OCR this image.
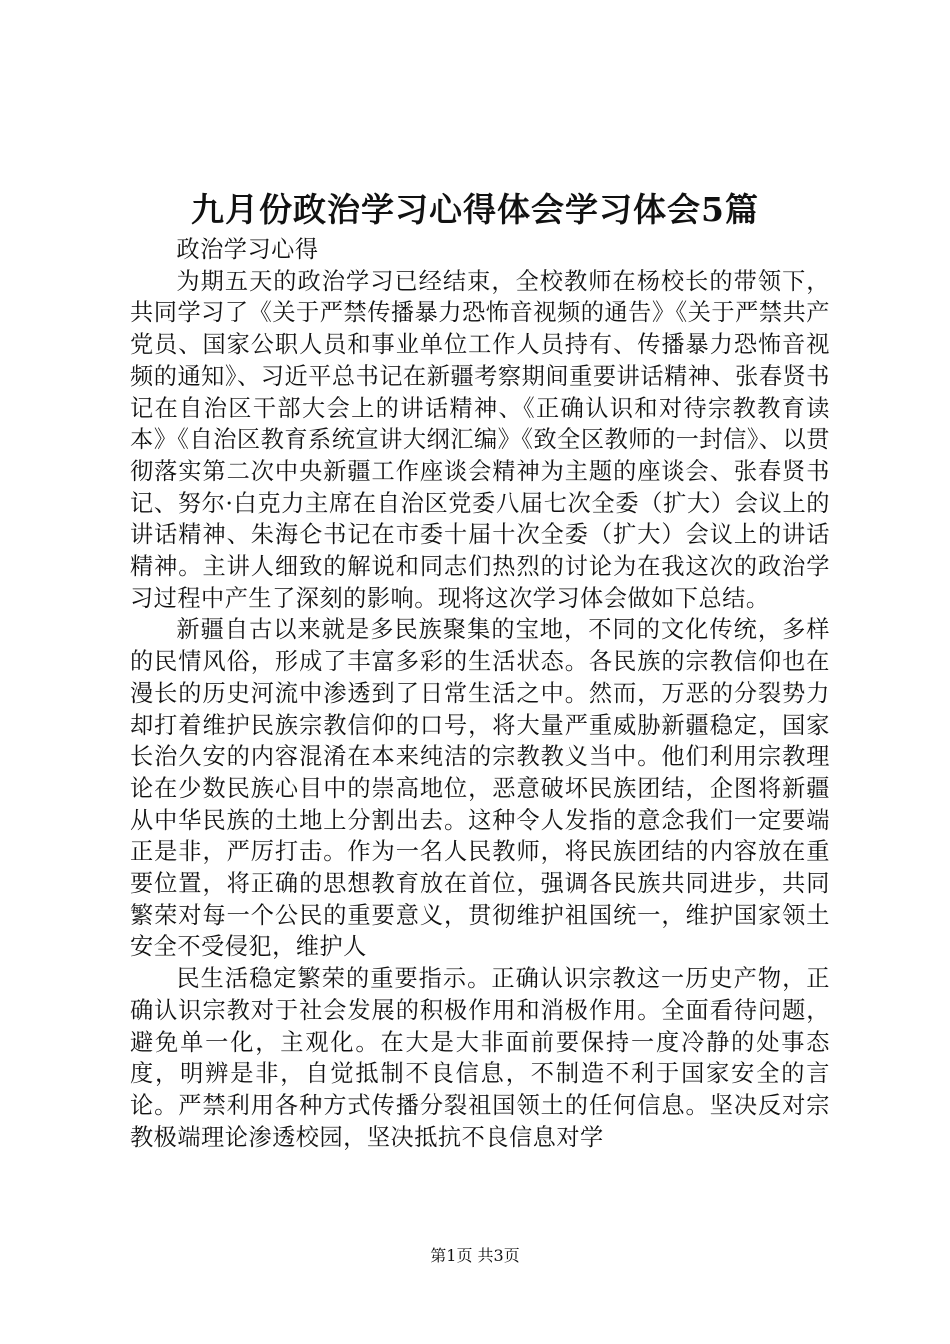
九月份政治学习心得体会学习体会5篇

政治学习心得

为期五天的政治学习已经结束，全校教师在杨校长的带领下，共同学习了《关于严禁传播暴力恐怖音视频的通告》《关于严禁共产党员、国家公职人员和事业单位工作人员持有、传播暴力恐怖音视频的通知》、习近平总书记在新疆考察期间重要讲话精神、张春贤书记在自治区干部大会上的讲话精神、《正确认识和对待宗教教育读本》《自治区教育系统宣讲大纲汇编》《致全区教师的一封信》、以贯彻落实第二次中央新疆工作座谈会精神为主题的座谈会、张春贤书记、努尔·白克力主席在自治区党委八届七次全委（扩大）会议上的讲话精神、朱海仑书记在市委十届十次全委（扩大）会议上的讲话精神。主讲人细致的解说和同志们热烈的讨论为在我这次的政治学习过程中产生了深刻的影响。现将这次学习体会做如下总结。

新疆自古以来就是多民族聚集的宝地，不同的文化传统，多样的民情风俗，形成了丰富多彩的生活状态。各民族的宗教信仰也在漫长的历史河流中渗透到了日常生活之中。然而，万恶的分裂势力却打着维护民族宗教信仰的口号，将大量严重威胁新疆稳定，国家长治久安的内容混淆在本来纯洁的宗教教义当中。他们利用宗教理论在少数民族心目中的崇高地位，恶意破坏民族团结，企图将新疆从中华民族的土地上分割出去。这种令人发指的意念我们一定要端正是非，严厉打击。作为一名人民教师，将民族团结的内容放在重要位置，将正确的思想教育放在首位，强调各民族共同进步，共同繁荣对每一个公民的重要意义，贯彻维护祖国统一，维护国家领土安全不受侵犯，维护人

民生活稳定繁荣的重要指示。正确认识宗教这一历史产物，正确认识宗教对于社会发展的积极作用和消极作用。全面看待问题，避免单一化，主观化。在大是大非面前要保持一度冷静的处事态度，明辨是非，自觉抵制不良信息，不制造不利于国家安全的言论。严禁利用各种方式传播分裂祖国领土的任何信息。坚决反对宗教极端理论渗透校园，坚决抵抗不良信息对学

第1页 共3页
